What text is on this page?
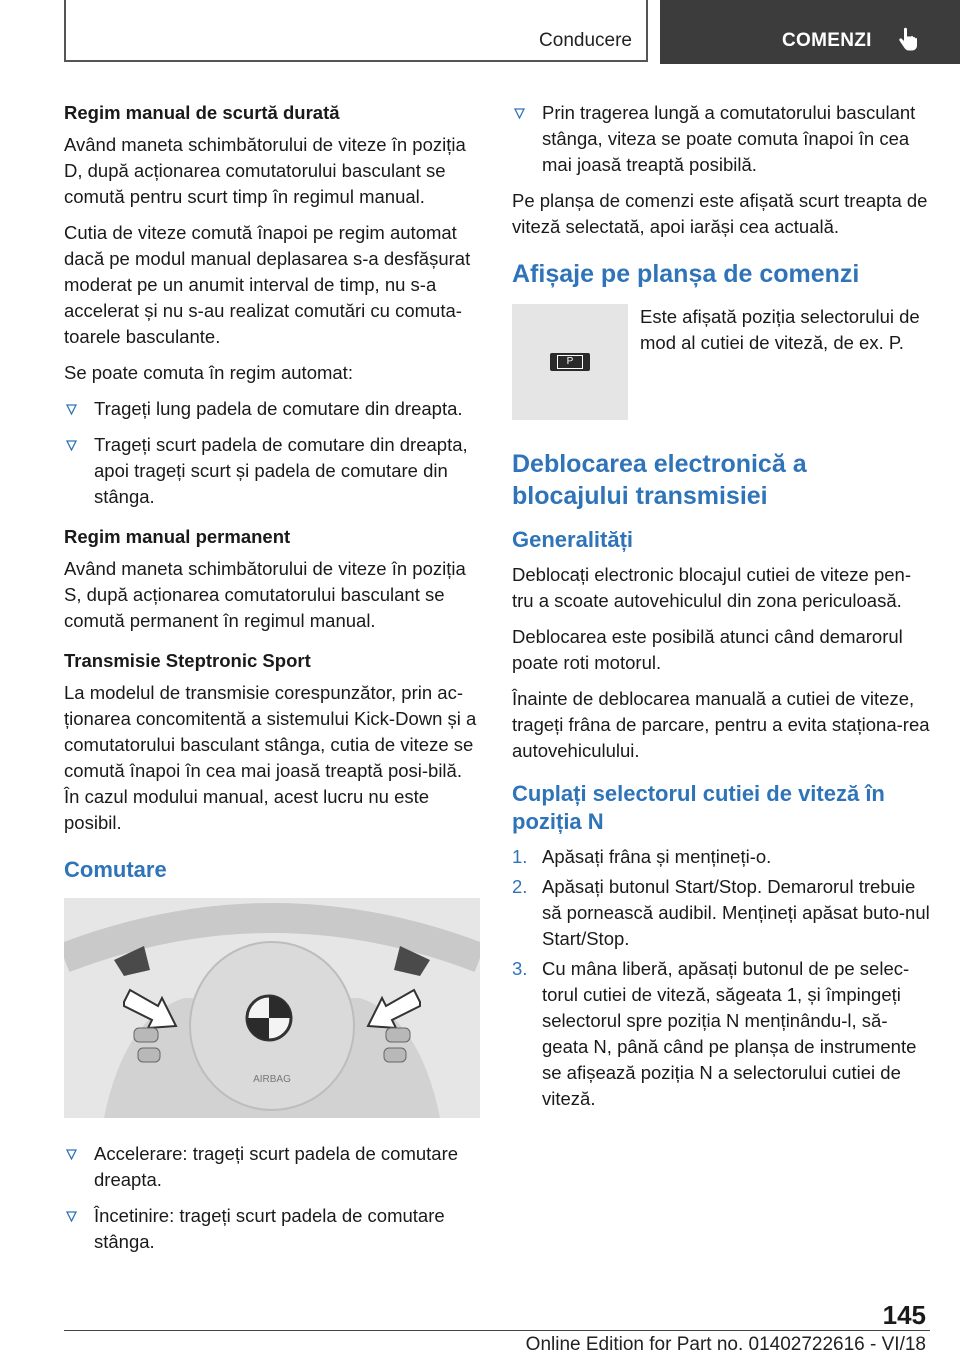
Conducere	COMENZI
Regim manual de scurtă durată

Având maneta schimbătorului de viteze în poziția D, după acționarea comutatorului basculant se comută pentru scurt timp în regimul manual.

Cutia de viteze comută înapoi pe regim automat dacă pe modul manual deplasarea s-a desfășurat moderat pe un anumit interval de timp, nu s-a accelerat și nu s-au realizat comutări cu comuta‐toarele basculante.

Se poate comuta în regim automat:

Trageți lung padela de comutare din dreapta.
Trageți scurt padela de comutare din dreapta, apoi trageți scurt și padela de comutare din stânga.
Regim manual permanent

Având maneta schimbătorului de viteze în poziția S, după acționarea comutatorului basculant se comută permanent în regimul manual.

Transmisie Steptronic Sport

La modelul de transmisie corespunzător, prin ac‐ționarea concomitentă a sistemului Kick-Down și a comutatorului basculant stânga, cutia de viteze se comută înapoi în cea mai joasă treaptă posi‐bilă. În cazul modului manual, acest lucru nu este posibil.

Comutare
AIRBAG
Accelerare: trageți scurt padela de comutare dreapta.
Încetinire: trageți scurt padela de comutare stânga.
Prin tragerea lungă a comutatorului basculant stânga, viteza se poate comuta înapoi în cea mai joasă treaptă posibilă.

Pe planșa de comenzi este afișată scurt treapta de viteză selectată, apoi iarăși cea actuală.

Afișaje pe planșa de comenzi
P
Este afișată poziția selectorului de mod al cutiei de viteză, de ex. P.
Deblocarea electronică a blocajului transmisiei
Generalități

Deblocați electronic blocajul cutiei de viteze pen‐tru a scoate autovehiculul din zona periculoasă.

Deblocarea este posibilă atunci când demarorul poate roti motorul.

Înainte de deblocarea manuală a cutiei de viteze, trageți frâna de parcare, pentru a evita staționa‐rea autovehiculului.

Cuplați selectorul cutiei de viteză în poziția N
1. Apăsați frâna și mențineți-o.
2. Apăsați butonul Start/Stop. Demarorul trebuie să pornească audibil. Mențineți apăsat buto‐nul Start/Stop.
3. Cu mâna liberă, apăsați butonul de pe selec‐torul cutiei de viteză, săgeata 1, și împingeți selectorul spre poziția N menținându-l, să‐geata N, până când pe planșa de instrumente se afișează poziția N a selectorului cutiei de viteză.
145
Online Edition for Part no. 01402722616 - VI/18
